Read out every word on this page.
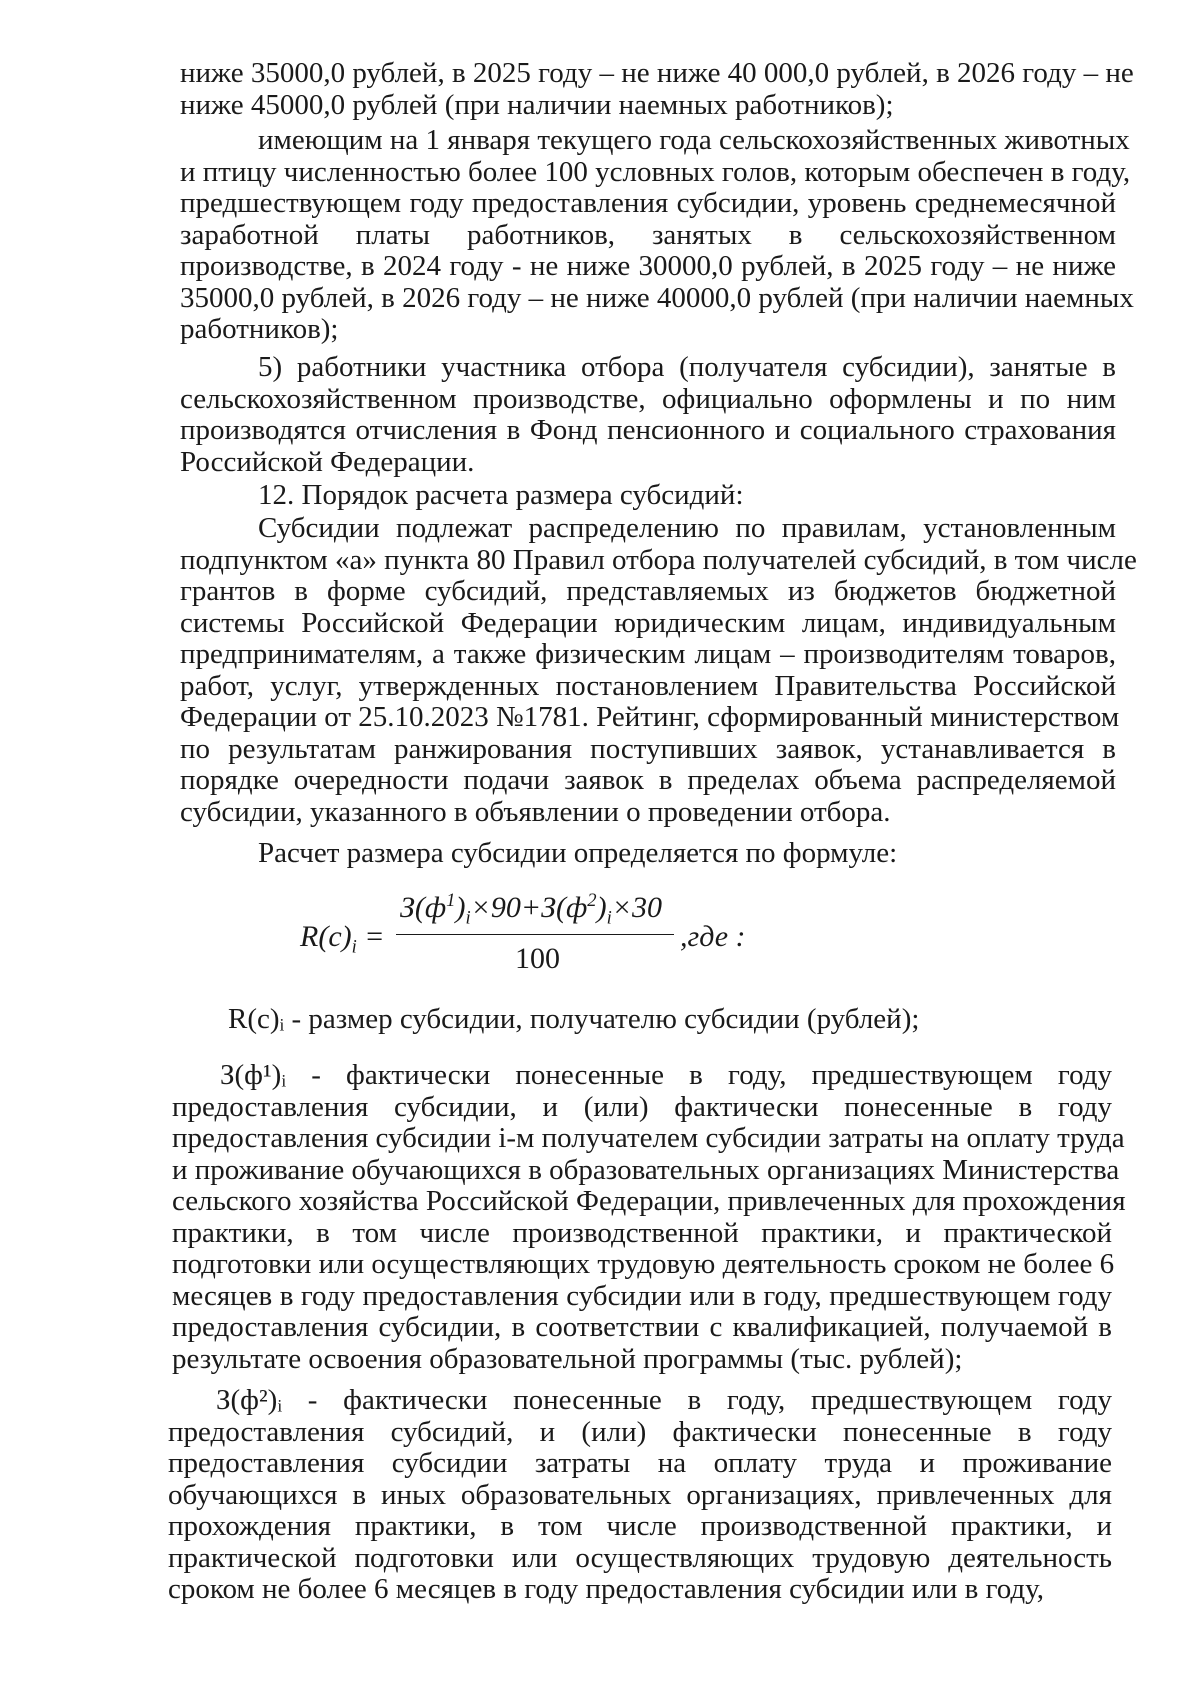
ниже 35000,0 рублей, в 2025 году – не ниже 40 000,0 рублей, в 2026 году – не
ниже 45000,0 рублей (при наличии наемных работников);
имеющим на 1 января текущего года сельскохозяйственных животных
и птицу численностью более 100 условных голов, которым обеспечен в году,
предшествующем году предоставления субсидии, уровень среднемесячной
заработной платы работников, занятых в сельскохозяйственном
производстве, в 2024 году - не ниже 30000,0 рублей, в 2025 году – не ниже
35000,0 рублей, в 2026 году – не ниже 40000,0 рублей (при наличии наемных
работников);
5) работники участника отбора (получателя субсидии), занятые в
сельскохозяйственном производстве, официально оформлены и по ним
производятся отчисления в Фонд пенсионного и социального страхования
Российской Федерации.
12. Порядок расчета размера субсидий:
Субсидии подлежат распределению по правилам, установленным
подпунктом «а» пункта 80 Правил отбора получателей субсидий, в том числе
грантов в форме субсидий, представляемых из бюджетов бюджетной
системы Российской Федерации юридическим лицам, индивидуальным
предпринимателям, а также физическим лицам – производителям товаров,
работ, услуг, утвержденных постановлением Правительства Российской
Федерации от 25.10.2023 №1781. Рейтинг, сформированный министерством
по результатам ранжирования поступивших заявок, устанавливается в
порядке очередности подачи заявок в пределах объема распределяемой
субсидии, указанного в объявлении о проведении отбора.
Расчет размера субсидии определяется по формуле:
$R(c)_i$ =
$З(ф^1)_i\times 90+З(ф^2)_i\times 30$
100
,где :
R(c)ᵢ - размер субсидии, получателю субсидии (рублей);
З(ф¹)ᵢ - фактически понесенные в году, предшествующем году
предоставления субсидии, и (или) фактически понесенные в году
предоставления субсидии i-м получателем субсидии затраты на оплату труда
и проживание обучающихся в образовательных организациях Министерства
сельского хозяйства Российской Федерации, привлеченных для прохождения
практики, в том числе производственной практики, и практической
подготовки или осуществляющих трудовую деятельность сроком не более 6
месяцев в году предоставления субсидии или в году, предшествующем году
предоставления субсидии, в соответствии с квалификацией, получаемой в
результате освоения образовательной программы (тыс. рублей);
З(ф²)ᵢ - фактически понесенные в году, предшествующем году
предоставления субсидий, и (или) фактически понесенные в году
предоставления субсидии затраты на оплату труда и проживание
обучающихся в иных образовательных организациях, привлеченных для
прохождения практики, в том числе производственной практики, и
практической подготовки или осуществляющих трудовую деятельность
сроком не более 6 месяцев в году предоставления субсидии или в году,
